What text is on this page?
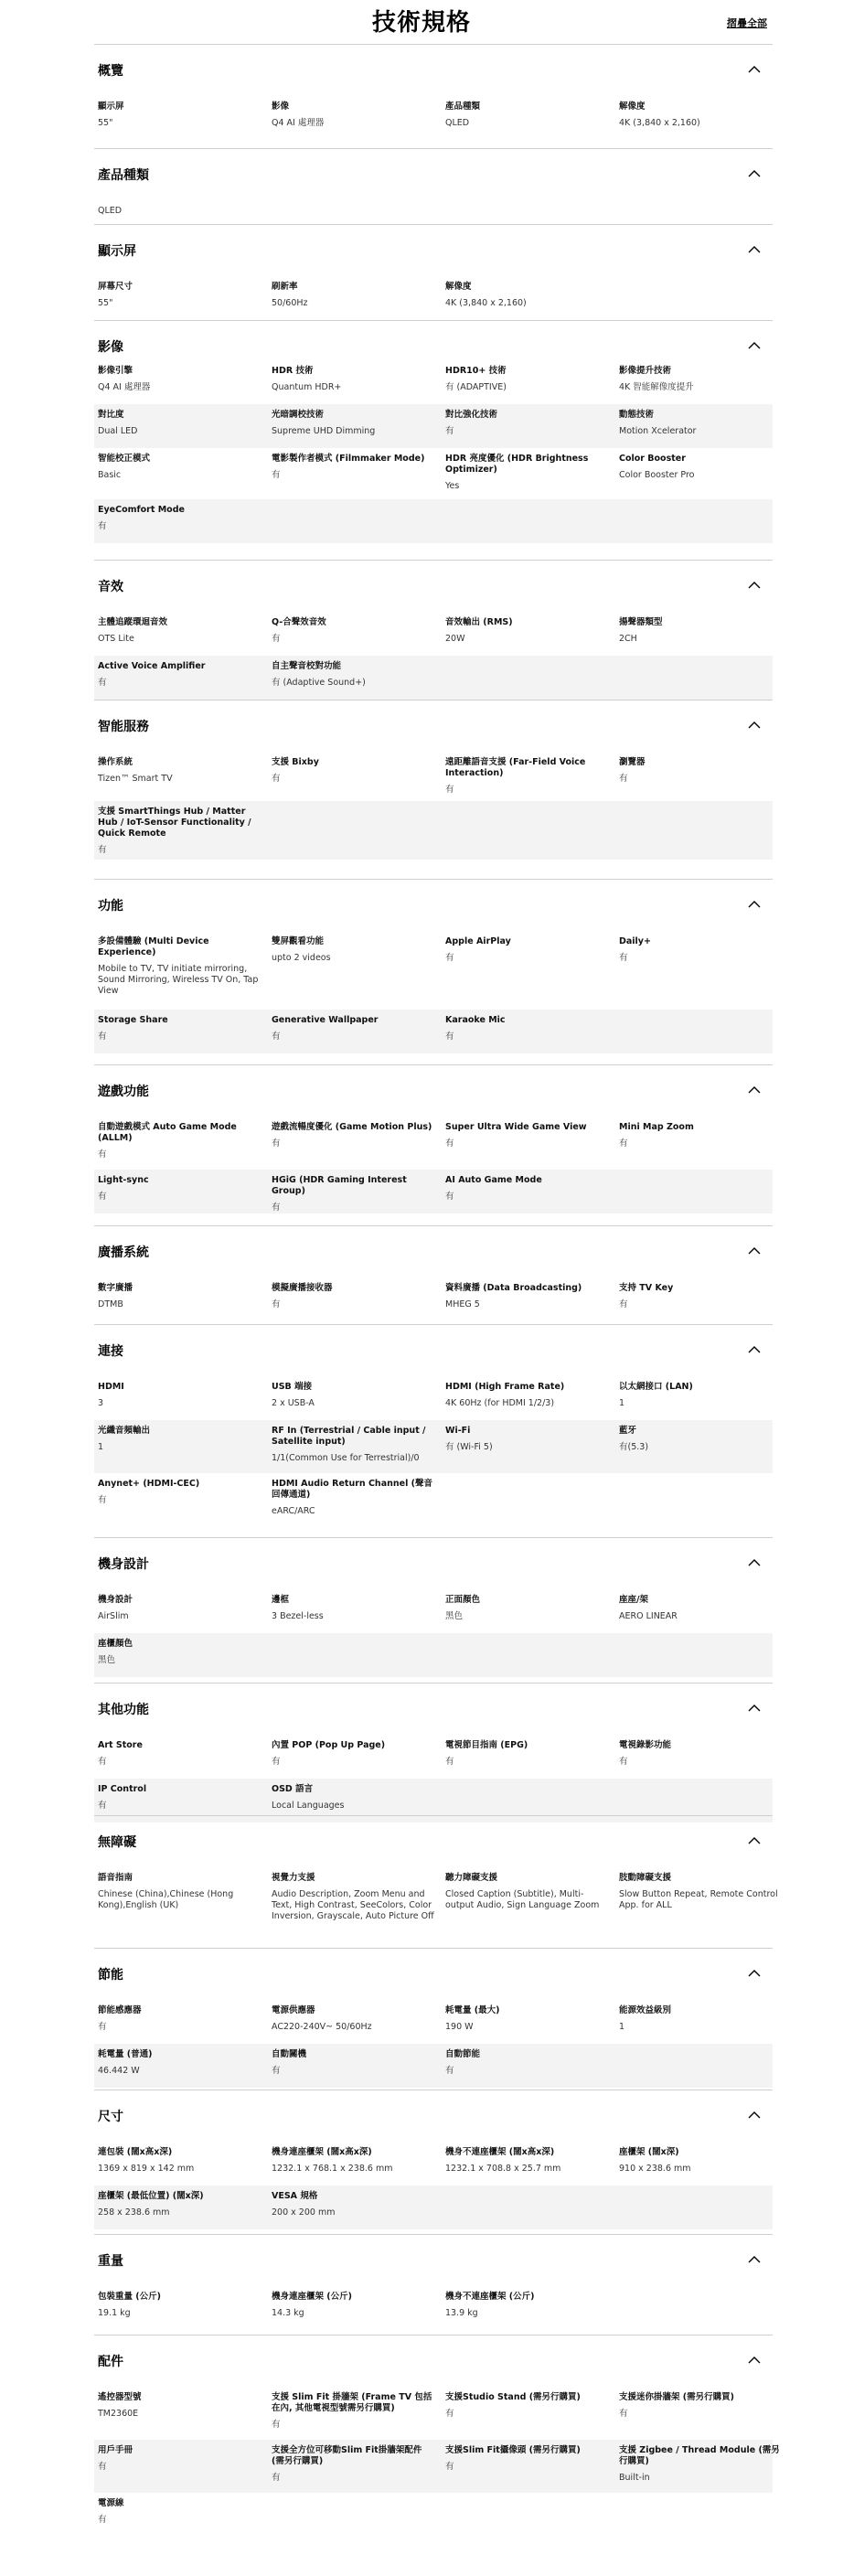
技術規格	摺疊全部
概覽
顯示屏
55"
影像
Q4 AI 處理器
產品種類
QLED
解像度
4K (3,840 x 2,160)
產品種類
QLED
顯示屏
屏幕尺寸
55"
刷新率
50/60Hz
解像度
4K (3,840 x 2,160)
影像
影像引擎
Q4 AI 處理器
HDR 技術
Quantum HDR+
HDR10+ 技術
有 (ADAPTIVE)
影像提升技術
4K 智能解像度提升
對比度
Dual LED
光暗調校技術
Supreme UHD Dimming
對比強化技術
有
動態技術
Motion Xcelerator
智能校正模式
Basic
電影製作者模式 (Filmmaker Mode)
有
HDR 亮度優化 (HDR Brightness Optimizer)
Yes
Color Booster
Color Booster Pro
EyeComfort Mode
有
音效
主體追蹤環迴音效
OTS Lite
Q-合聲效音效
有
音效輸出 (RMS)
20W
揚聲器類型
2CH
Active Voice Amplifier
有
自主聲音校對功能
有 (Adaptive Sound+)
智能服務
操作系統
Tizen™ Smart TV
支援 Bixby
有
遠距離語音支援 (Far-Field Voice Interaction)
有
瀏覽器
有
支援 SmartThings Hub / Matter Hub / IoT-Sensor Functionality / Quick Remote
有
功能
多設備體驗 (Multi Device Experience)
Mobile to TV, TV initiate mirroring, Sound Mirroring, Wireless TV On, Tap View
雙屏觀看功能
upto 2 videos
Apple AirPlay
有
Daily+
有
Storage Share
有
Generative Wallpaper
有
Karaoke Mic
有
遊戲功能
自動遊戲模式 Auto Game Mode (ALLM)
有
遊戲流暢度優化 (Game Motion Plus)
有
Super Ultra Wide Game View
有
Mini Map Zoom
有
Light-sync
有
HGiG (HDR Gaming Interest Group)
有
AI Auto Game Mode
有
廣播系統
數字廣播
DTMB
模擬廣播接收器
有
資料廣播 (Data Broadcasting)
MHEG 5
支持 TV Key
有
連接
HDMI
3
USB 端接
2 x USB-A
HDMI (High Frame Rate)
4K 60Hz (for HDMI 1/2/3)
以太網接口 (LAN)
1
光纖音頻輸出
1
RF In (Terrestrial / Cable input / Satellite input)
1/1(Common Use for Terrestrial)/0
Wi-Fi
有 (Wi-Fi 5)
藍牙
有(5.3)
Anynet+ (HDMI-CEC)
有
HDMI Audio Return Channel (聲音回傳通道)
eARC/ARC
機身設計
機身設計
AirSlim
邊框
3 Bezel-less
正面顏色
黑色
座座/架
AERO LINEAR
座櫃顏色
黑色
其他功能
Art Store
有
內置 POP (Pop Up Page)
有
電視節目指南 (EPG)
有
電視錄影功能
有
IP Control
有
OSD 語言
Local Languages
無障礙
語音指南
Chinese (China),Chinese (Hong Kong),English (UK)
視覺力支援
Audio Description, Zoom Menu and Text, High Contrast, SeeColors, Color Inversion, Grayscale, Auto Picture Off
聽力障礙支援
Closed Caption (Subtitle), Multi-output Audio, Sign Language Zoom
肢動障礙支援
Slow Button Repeat, Remote Control App. for ALL
節能
節能感應器
有
電源供應器
AC220-240V~ 50/60Hz
耗電量 (最大)
190 W
能源效益級別
1
耗電量 (普通)
46.442 W
自動關機
有
自動節能
有
尺寸
連包裝 (闊x高x深)
1369 x 819 x 142 mm
機身連座櫃架 (闊x高x深)
1232.1 x 768.1 x 238.6 mm
機身不連座櫃架 (闊x高x深)
1232.1 x 708.8 x 25.7 mm
座櫃架 (闊x深)
910 x 238.6 mm
座櫃架 (最低位置) (闊x深)
258 x 238.6 mm
VESA 規格
200 x 200 mm
重量
包裝重量 (公斤)
19.1 kg
機身連座櫃架 (公斤)
14.3 kg
機身不連座櫃架 (公斤)
13.9 kg
配件
遙控器型號
TM2360E
支援 Slim Fit 掛牆架 (Frame TV 包括在內, 其他電視型號需另行購買)
有
支援Studio Stand (需另行購買)
有
支援迷你掛牆架 (需另行購買)
有
用戶手冊
有
支援全方位可移動Slim Fit掛牆架配件 (需另行購買)
有
支援Slim Fit攝像頭 (需另行購買)
有
支援 Zigbee / Thread Module (需另行購買)
Built-in
電源線
有
